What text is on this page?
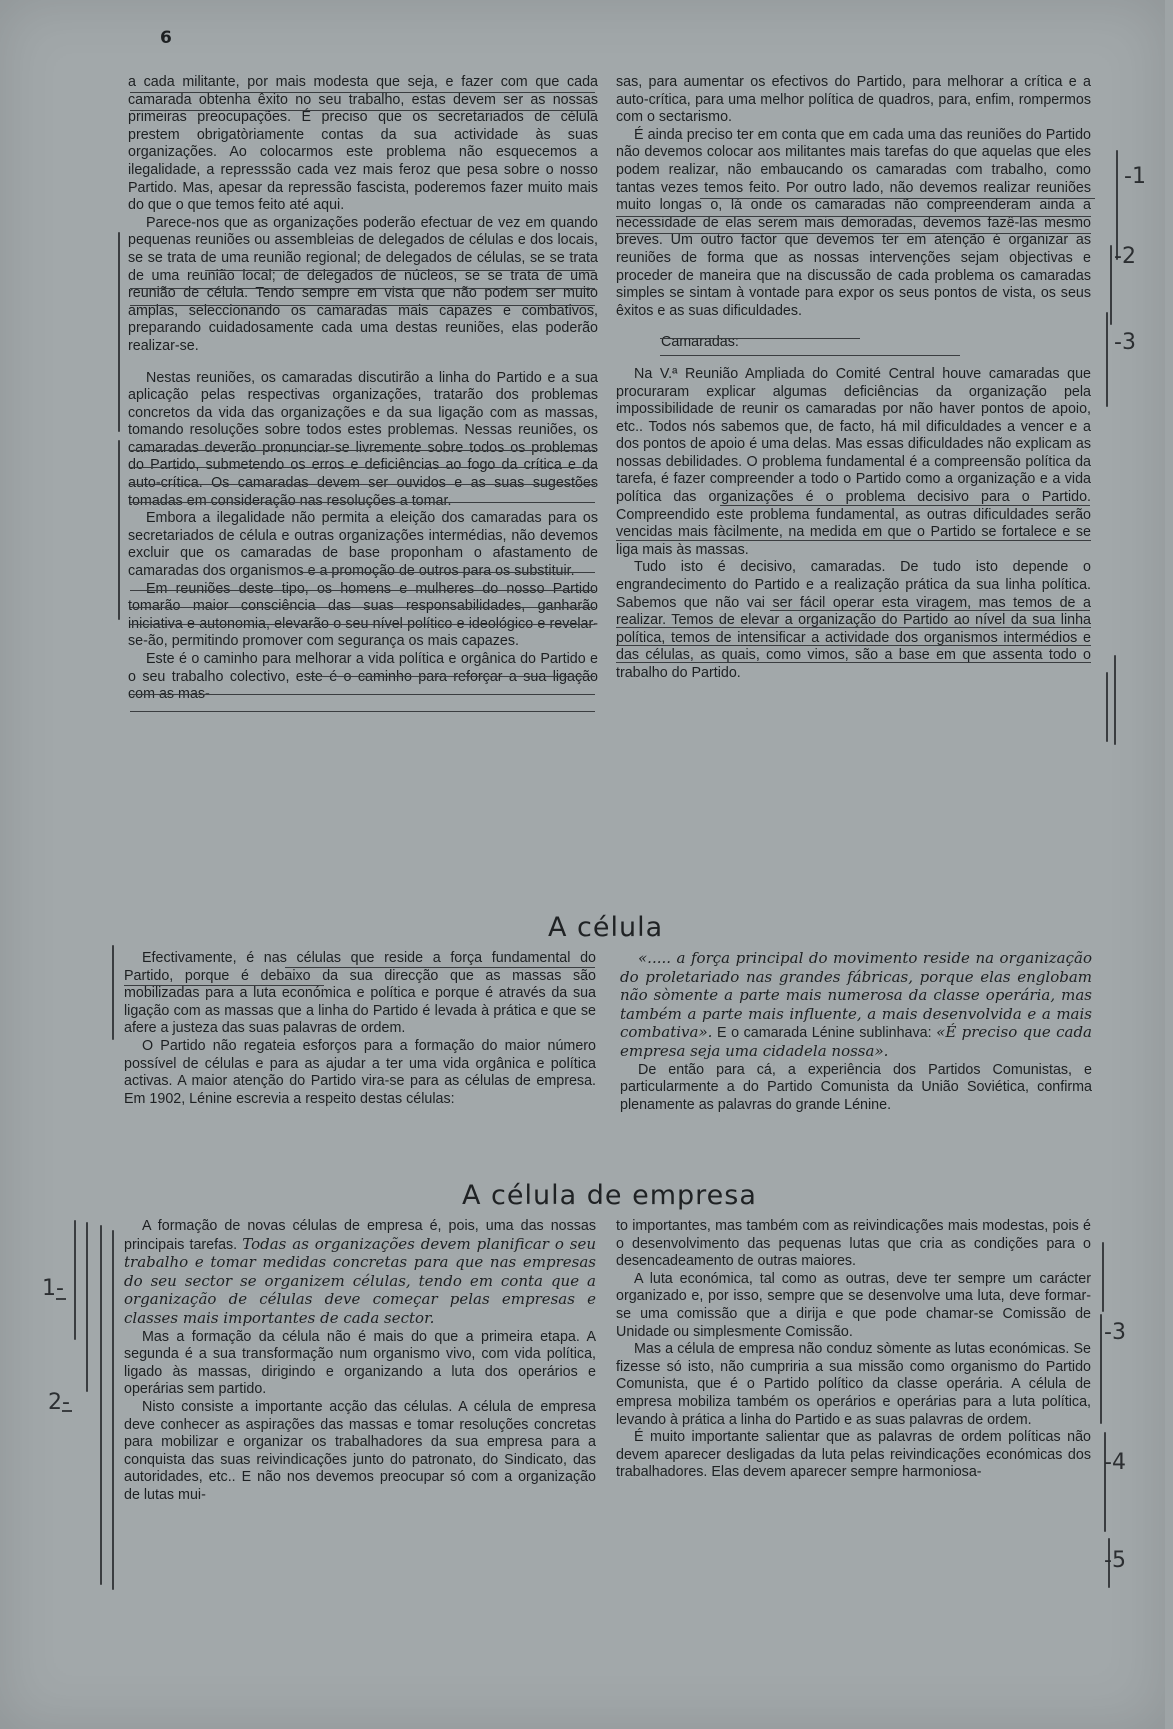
6

a cada militante, por mais modesta que seja, e fazer com que cada camarada obtenha êxito no seu trabalho, estas devem ser as nossas primeiras preocupações. É preciso que os secretariados de célula prestem obrigatòriamente contas da sua actividade às suas organizações. Ao colocarmos este problema não esquecemos a ilegalidade, a represssão cada vez mais feroz que pesa sobre o nosso Partido. Mas, apesar da repressão fascista, poderemos fazer muito mais do que o que temos feito até aqui.

Parece-nos que as organizações poderão efectuar de vez em quando pequenas reuniões ou assembleias de delegados de células e dos locais, se se trata de uma reunião regional; de delegados de células, se se trata de uma reunião local; de delegados de núcleos, se se trata de uma reunião de célula. Tendo sempre em vista que não podem ser muito amplas, seleccionando os camaradas mais capazes e combativos, preparando cuidadosamente cada uma destas reuniões, elas poderão realizar-se.

Nestas reuniões, os camaradas discutirão a linha do Partido e a sua aplicação pelas respectivas organizações, tratarão dos problemas concretos da vida das organizações e da sua ligação com as massas, tomando resoluções sobre todos estes problemas. Nessas reuniões, os camaradas deverão pronunciar-se livremente sobre todos os problemas do Partido, submetendo os erros e deficiências ao fogo da crítica e da auto-crítica. Os camaradas devem ser ouvidos e as suas sugestões tomadas em consideração nas resoluções a tomar.

Embora a ilegalidade não permita a eleição dos camaradas para os secretariados de célula e outras organizações intermédias, não devemos excluir que os camaradas de base proponham o afastamento de camaradas dos organismos e a promoção de outros para os substituir.

Em reuniões deste tipo, os homens e mulheres do nosso Partido tomarão maior consciência das suas responsabilidades, ganharão iniciativa e autonomia, elevarão o seu nível político e ideológico e revelar-se-ão, permitindo promover com segurança os mais capazes.

Este é o caminho para melhorar a vida política e orgânica do Partido e o seu trabalho colectivo, este é o caminho para reforçar a sua ligação com as mas-

sas, para aumentar os efectivos do Partido, para melhorar a crítica e a auto-crítica, para uma melhor política de quadros, para, enfim, rompermos com o sectarismo.

É ainda preciso ter em conta que em cada uma das reuniões do Partido não devemos colocar aos militantes mais tarefas do que aquelas que eles podem realizar, não embaucando os camaradas com trabalho, como tantas vezes temos feito. Por outro lado, não devemos realizar reuniões muito longas o, lá onde os camaradas não compreenderam ainda a necessidade de elas serem mais demoradas, devemos fazê-las mesmo breves. Um outro factor que devemos ter em atenção é organizar as reuniões de forma que as nossas intervenções sejam objectivas e proceder de maneira que na discussão de cada problema os camaradas simples se sintam à vontade para expor os seus pontos de vista, os seus êxitos e as suas dificuldades.

Camaradas:

Na V.ª Reunião Ampliada do Comité Central houve camaradas que procuraram explicar algumas deficiências da organização pela impossibilidade de reunir os camaradas por não haver pontos de apoio, etc.. Todos nós sabemos que, de facto, há mil dificuldades a vencer e a dos pontos de apoio é uma delas. Mas essas dificuldades não explicam as nossas debilidades. O problema fundamental é a compreensão política da tarefa, é fazer compreender a todo o Partido como a organização e a vida política das organizações é o problema decisivo para o Partido. Compreendido este problema fundamental, as outras dificuldades serão vencidas mais fàcilmente, na medida em que o Partido se fortalece e se liga mais às massas.

Tudo isto é decisivo, camaradas. De tudo isto depende o engrandecimento do Partido e a realização prática da sua linha política. Sabemos que não vai ser fácil operar esta viragem, mas temos de a realizar. Temos de elevar a organização do Partido ao nível da sua linha política, temos de intensificar a actividade dos organismos intermédios e das células, as quais, como vimos, são a base em que assenta todo o trabalho do Partido.

A célula

Efectivamente, é nas células que reside a força fundamental do Partido, porque é debaixo da sua direcção que as massas são mobilizadas para a luta económica e política e porque é através da sua ligação com as massas que a linha do Partido é levada à prática e que se afere a justeza das suas palavras de ordem.

O Partido não regateia esforços para a formação do maior número possível de células e para as ajudar a ter uma vida orgânica e política activas. A maior atenção do Partido vira-se para as células de empresa. Em 1902, Lénine escrevia a respeito destas células:

«..... a força principal do movimento reside na organização do proletariado nas grandes fábricas, porque elas englobam não sòmente a parte mais numerosa da classe operária, mas também a parte mais influente, a mais desenvolvida e a mais combativa». E o camarada Lénine sublinhava: «É preciso que cada empresa seja uma cidadela nossa».

De então para cá, a experiência dos Partidos Comunistas, e particularmente a do Partido Comunista da União Soviética, confirma plenamente as palavras do grande Lénine.

A célula de empresa

A formação de novas células de empresa é, pois, uma das nossas principais tarefas. Todas as organizações devem planificar o seu trabalho e tomar medidas concretas para que nas empresas do seu sector se organizem células, tendo em conta que a organização de células deve começar pelas empresas e classes mais importantes de cada sector.

Mas a formação da célula não é mais do que a primeira etapa. A segunda é a sua transformação num organismo vivo, com vida política, ligado às massas, dirigindo e organizando a luta dos operários e operárias sem partido.

Nisto consiste a importante acção das células. A célula de empresa deve conhecer as aspirações das massas e tomar resoluções concretas para mobilizar e organizar os trabalhadores da sua empresa para a conquista das suas reivindicações junto do patronato, do Sindicato, das autoridades, etc.. E não nos devemos preocupar só com a organização de lutas mui-

to importantes, mas também com as reivindicações mais modestas, pois é o desenvolvimento das pequenas lutas que cria as condições para o desencadeamento de outras maiores.

A luta económica, tal como as outras, deve ter sempre um carácter organizado e, por isso, sempre que se desenvolve uma luta, deve formar-se uma comissão que a dirija e que pode chamar-se Comissão de Unidade ou simplesmente Comissão.

Mas a célula de empresa não conduz sòmente as lutas económicas. Se fizesse só isto, não cumpriria a sua missão como organismo do Partido Comunista, que é o Partido político da classe operária. A célula de empresa mobiliza também os operários e operárias para a luta política, levando à prática a linha do Partido e as suas palavras de ordem.

É muito importante salientar que as palavras de ordem políticas não devem aparecer desligadas da luta pelas reivindicações económicas dos trabalhadores. Elas devem aparecer sempre harmoniosa-

-1
-2
-3
1-
2-
-3
-4
-5
